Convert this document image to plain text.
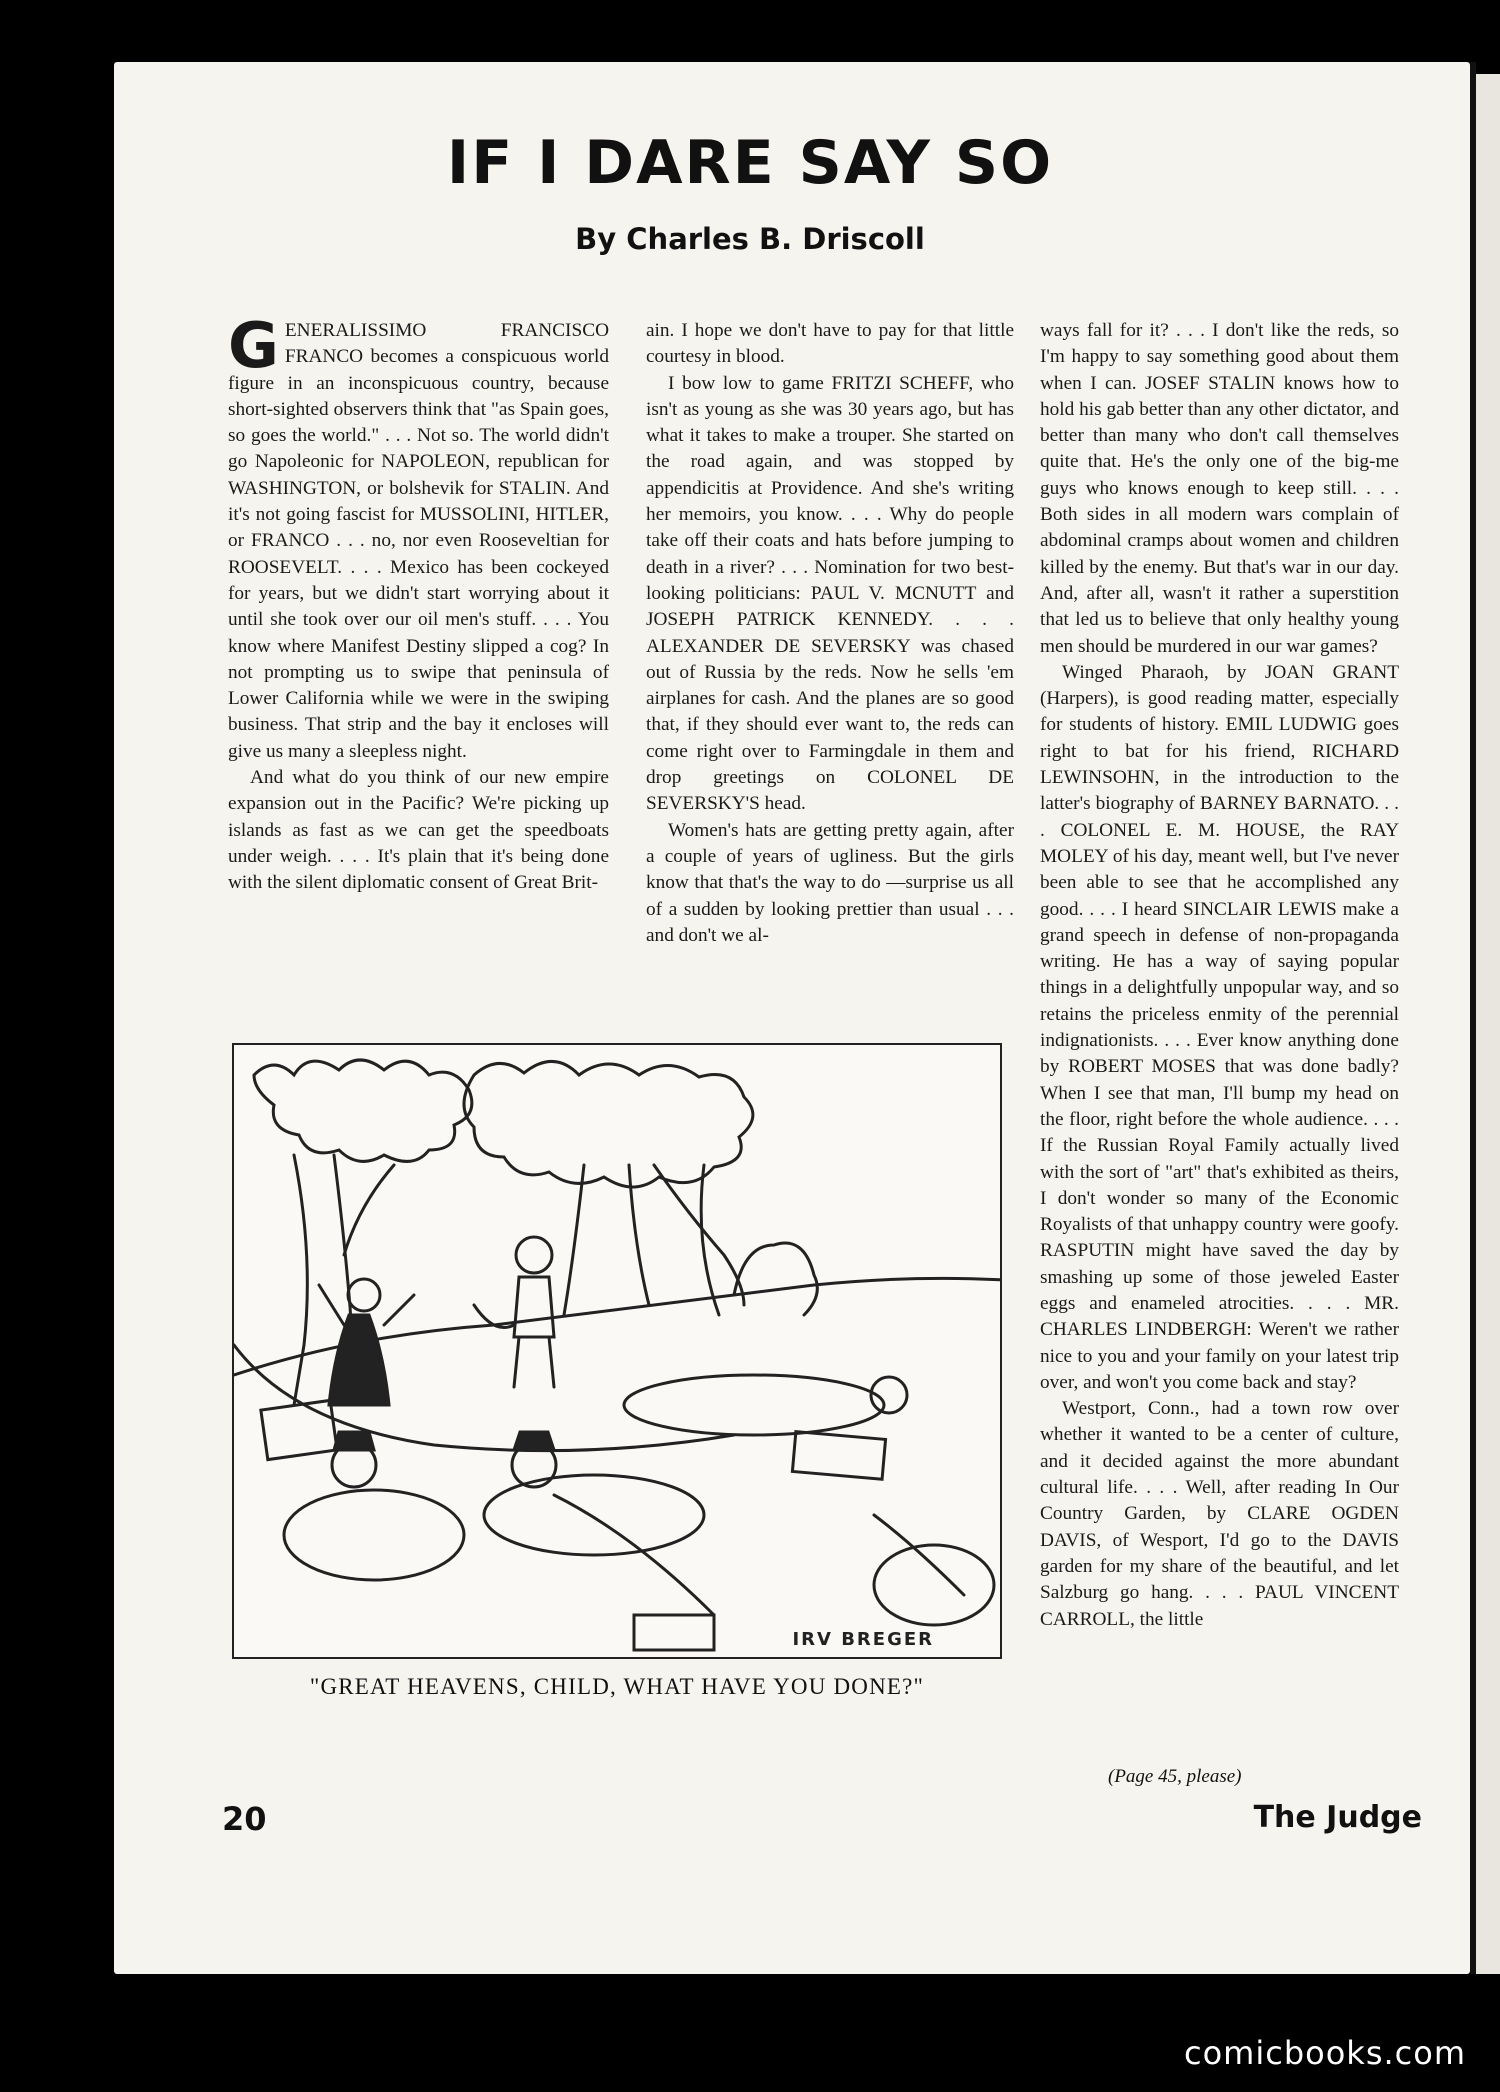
IF I DARE SAY SO
By Charles B. Driscoll

GENERALISSIMO FRANCISCO FRANCO becomes a conspicuous world figure in an inconspicuous country, because short-sighted observers think that "as Spain goes, so goes the world." . . . Not so. The world didn't go Napoleonic for NAPOLEON, republican for WASHINGTON, or bolshevik for STALIN. And it's not going fascist for MUSSOLINI, HITLER, or FRANCO . . . no, nor even Rooseveltian for ROOSEVELT. . . . Mexico has been cockeyed for years, but we didn't start worrying about it until she took over our oil men's stuff. . . . You know where Manifest Destiny slipped a cog? In not prompting us to swipe that peninsula of Lower California while we were in the swiping business. That strip and the bay it encloses will give us many a sleepless night.

And what do you think of our new empire expansion out in the Pacific? We're picking up islands as fast as we can get the speedboats under weigh. . . . It's plain that it's being done with the silent diplomatic consent of Great Brit-

ain. I hope we don't have to pay for that little courtesy in blood.

I bow low to game FRITZI SCHEFF, who isn't as young as she was 30 years ago, but has what it takes to make a trouper. She started on the road again, and was stopped by appendicitis at Providence. And she's writing her memoirs, you know. . . . Why do people take off their coats and hats before jumping to death in a river? . . . Nomination for two best-looking politicians: PAUL V. MCNUTT and JOSEPH PATRICK KENNEDY. . . . ALEXANDER DE SEVERSKY was chased out of Russia by the reds. Now he sells 'em airplanes for cash. And the planes are so good that, if they should ever want to, the reds can come right over to Farmingdale in them and drop greetings on COLONEL DE SEVERSKY'S head.

Women's hats are getting pretty again, after a couple of years of ugliness. But the girls know that that's the way to do —surprise us all of a sudden by looking prettier than usual . . . and don't we al-

ways fall for it? . . . I don't like the reds, so I'm happy to say something good about them when I can. JOSEF STALIN knows how to hold his gab better than any other dictator, and better than many who don't call themselves quite that. He's the only one of the big-me guys who knows enough to keep still. . . . Both sides in all modern wars complain of abdominal cramps about women and children killed by the enemy. But that's war in our day. And, after all, wasn't it rather a superstition that led us to believe that only healthy young men should be murdered in our war games?

Winged Pharaoh, by JOAN GRANT (Harpers), is good reading matter, especially for students of history. EMIL LUDWIG goes right to bat for his friend, RICHARD LEWINSOHN, in the introduction to the latter's biography of BARNEY BARNATO. . . . COLONEL E. M. HOUSE, the RAY MOLEY of his day, meant well, but I've never been able to see that he accomplished any good. . . . I heard SINCLAIR LEWIS make a grand speech in defense of non-propaganda writing. He has a way of saying popular things in a delightfully unpopular way, and so retains the priceless enmity of the perennial indignationists. . . . Ever know anything done by ROBERT MOSES that was done badly? When I see that man, I'll bump my head on the floor, right before the whole audience. . . . If the Russian Royal Family actually lived with the sort of "art" that's exhibited as theirs, I don't wonder so many of the Economic Royalists of that unhappy country were goofy. RASPUTIN might have saved the day by smashing up some of those jeweled Easter eggs and enameled atrocities. . . . MR. CHARLES LINDBERGH: Weren't we rather nice to you and your family on your latest trip over, and won't you come back and stay?

Westport, Conn., had a town row over whether it wanted to be a center of culture, and it decided against the more abundant cultural life. . . . Well, after reading In Our Country Garden, by CLARE OGDEN DAVIS, of Wesport, I'd go to the DAVIS garden for my share of the beautiful, and let Salzburg go hang. . . . PAUL VINCENT CARROLL, the little

IRV BREGER
"GREAT HEAVENS, CHILD, WHAT HAVE YOU DONE?"
(Page 45, please)
20	The Judge
comicbooks.com
